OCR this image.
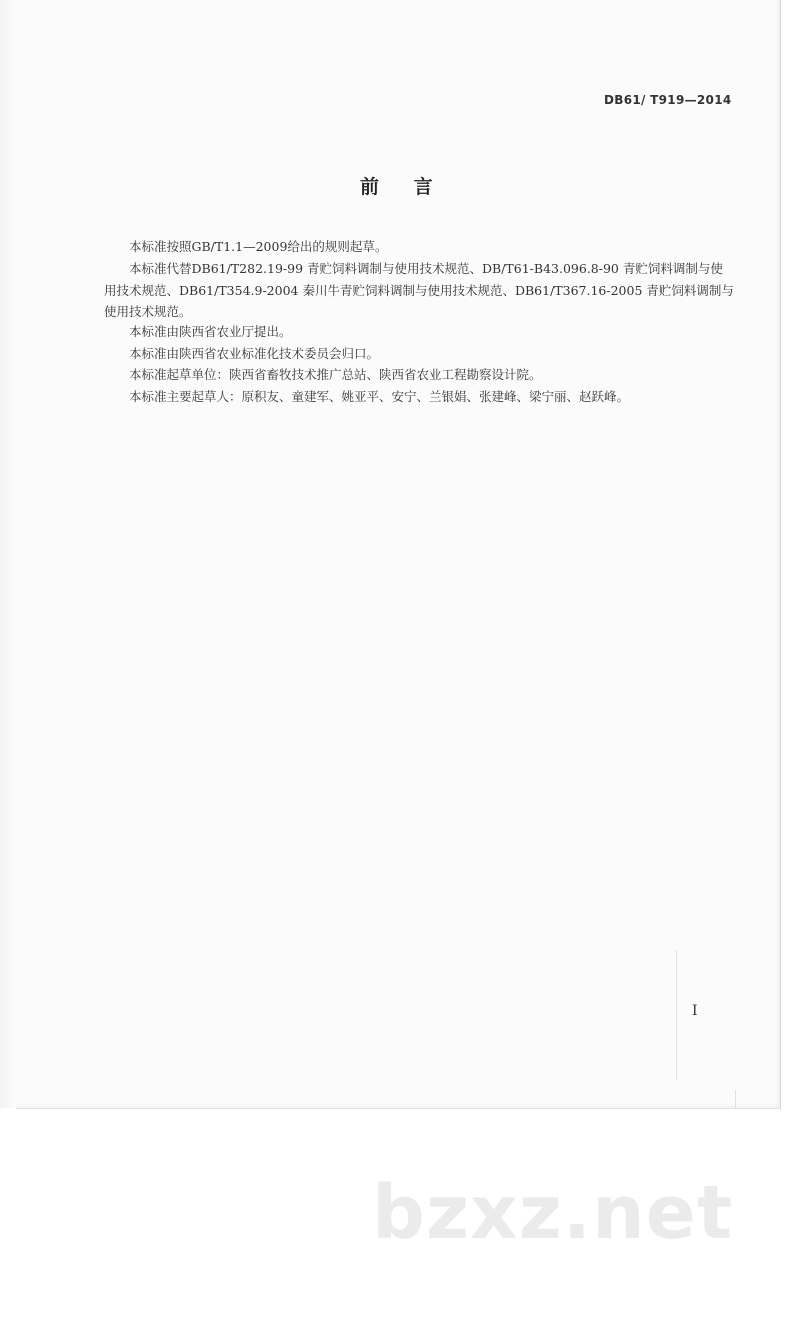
DB61/ T919—2014
前 言
本标准按照GB/T1.1—2009给出的规则起草。
本标准代替DB61/T282.19-99 青贮饲料调制与使用技术规范、DB/T61-B43.096.8-90 青贮饲料调制与使用技术规范、DB61/T354.9-2004 秦川牛青贮饲料调制与使用技术规范、DB61/T367.16-2005 青贮饲料调制与使用技术规范。
本标准由陕西省农业厅提出。
本标准由陕西省农业标准化技术委员会归口。
本标准起草单位：陕西省畜牧技术推广总站、陕西省农业工程勘察设计院。
本标准主要起草人：原积友、童建军、姚亚平、安宁、兰银娟、张建峰、梁宁丽、赵跃峰。
I
bzxz.net
